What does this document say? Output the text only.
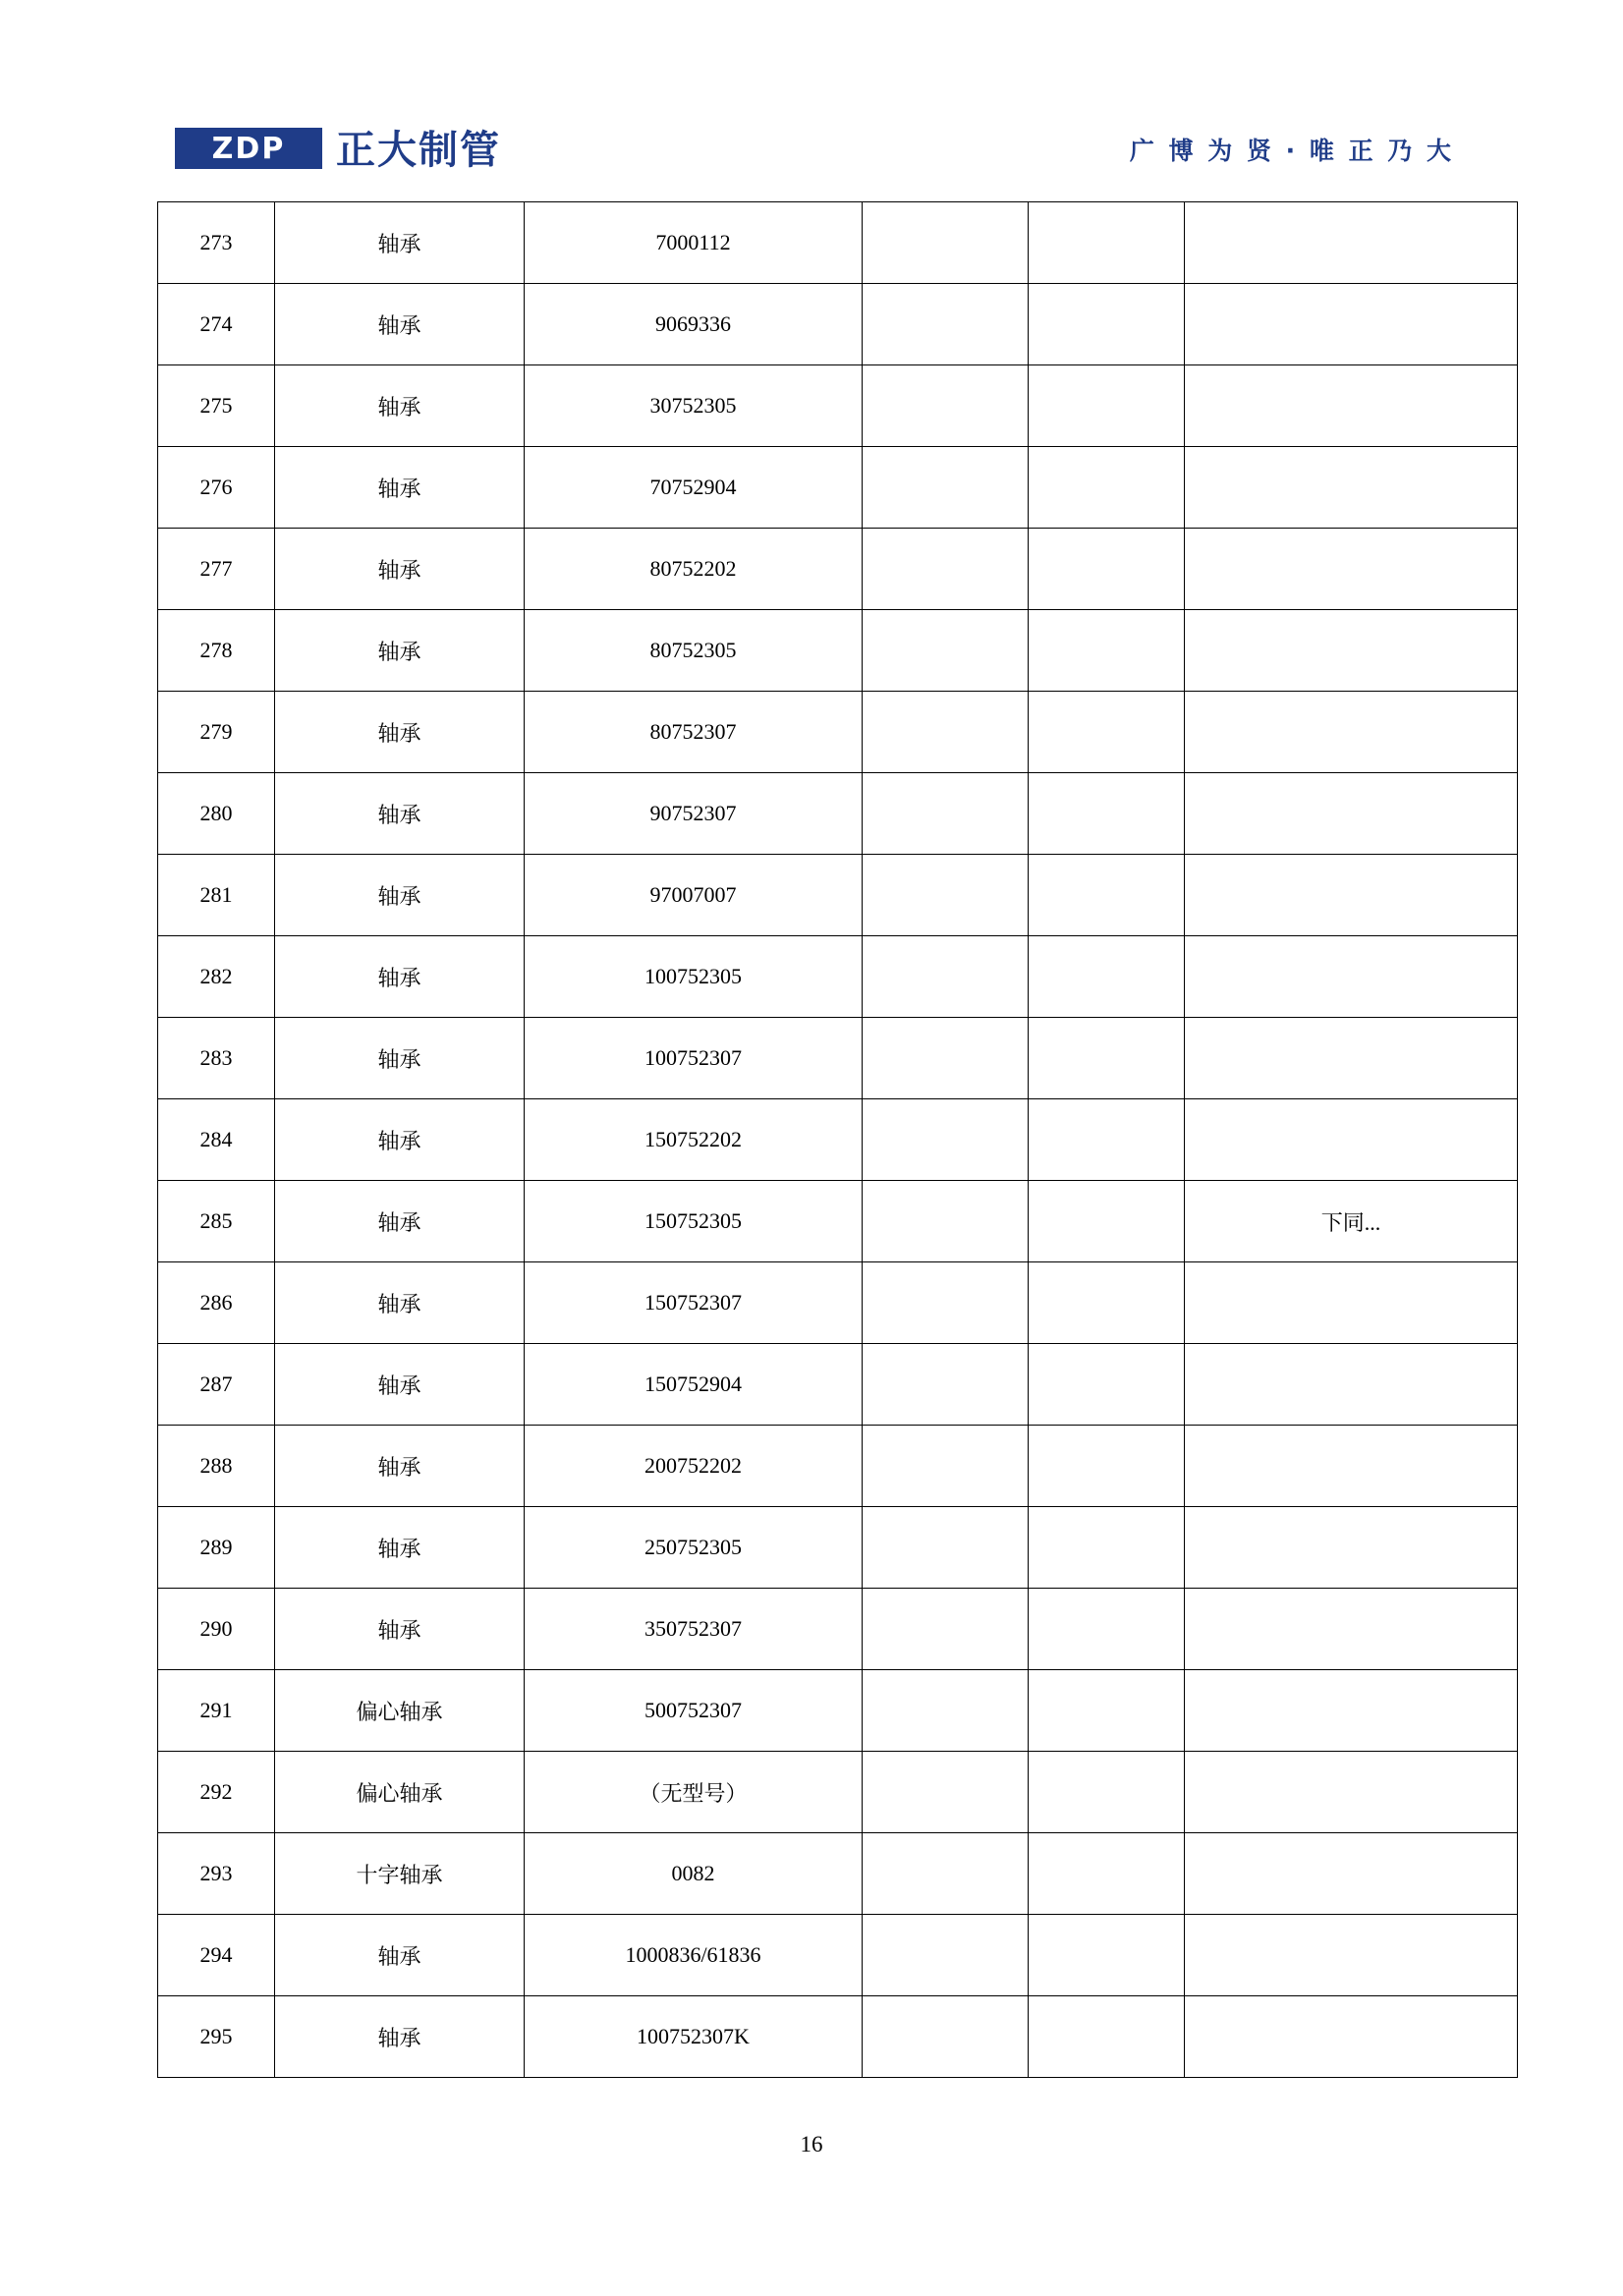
ZDP 正大制管	广 博 为 贤 · 唯 正 乃 大
273	轴承	7000112			
274	轴承	9069336			
275	轴承	30752305			
276	轴承	70752904			
277	轴承	80752202			
278	轴承	80752305			
279	轴承	80752307			
280	轴承	90752307			
281	轴承	97007007			
282	轴承	100752305			
283	轴承	100752307			
284	轴承	150752202			
285	轴承	150752305			下同...
286	轴承	150752307			
287	轴承	150752904			
288	轴承	200752202			
289	轴承	250752305			
290	轴承	350752307			
291	偏心轴承	500752307			
292	偏心轴承	（无型号）			
293	十字轴承	0082			
294	轴承	1000836/61836			
295	轴承	100752307K			
16
